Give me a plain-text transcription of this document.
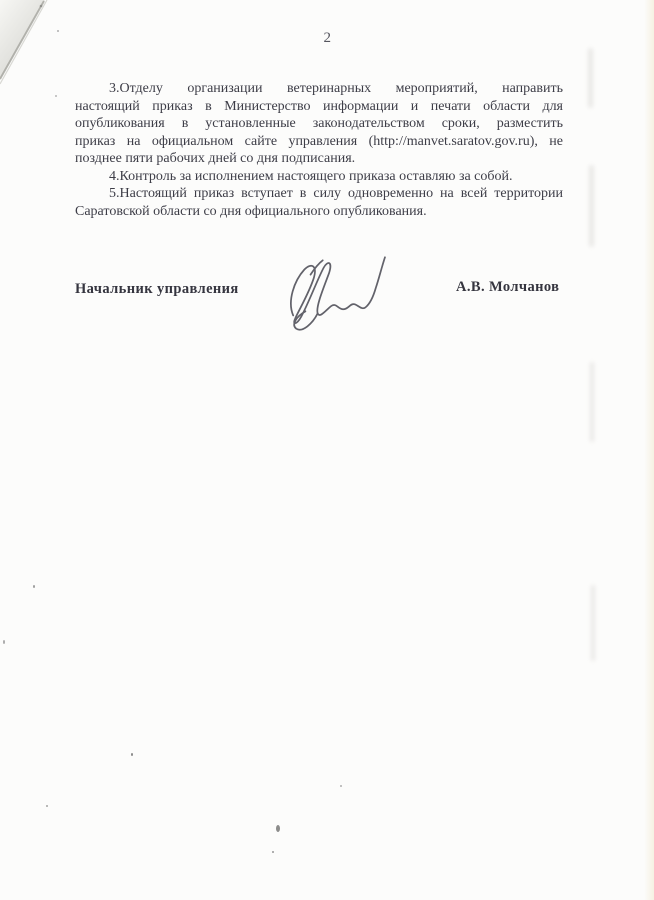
2
3.Отделу организации ветеринарных мероприятий, направить
настоящий приказ в Министерство информации и печати области для
опубликования в установленные законодательством сроки, разместить
приказ на официальном сайте управления (http://manvet.saratov.gov.ru), не
позднее пяти рабочих дней со дня подписания.
4.Контроль за исполнением настоящего приказа оставляю за собой.
5.Настоящий приказ вступает в силу одновременно на всей территории
Саратовской области со дня официального опубликования.
Начальник управления	А.В. Молчанов
